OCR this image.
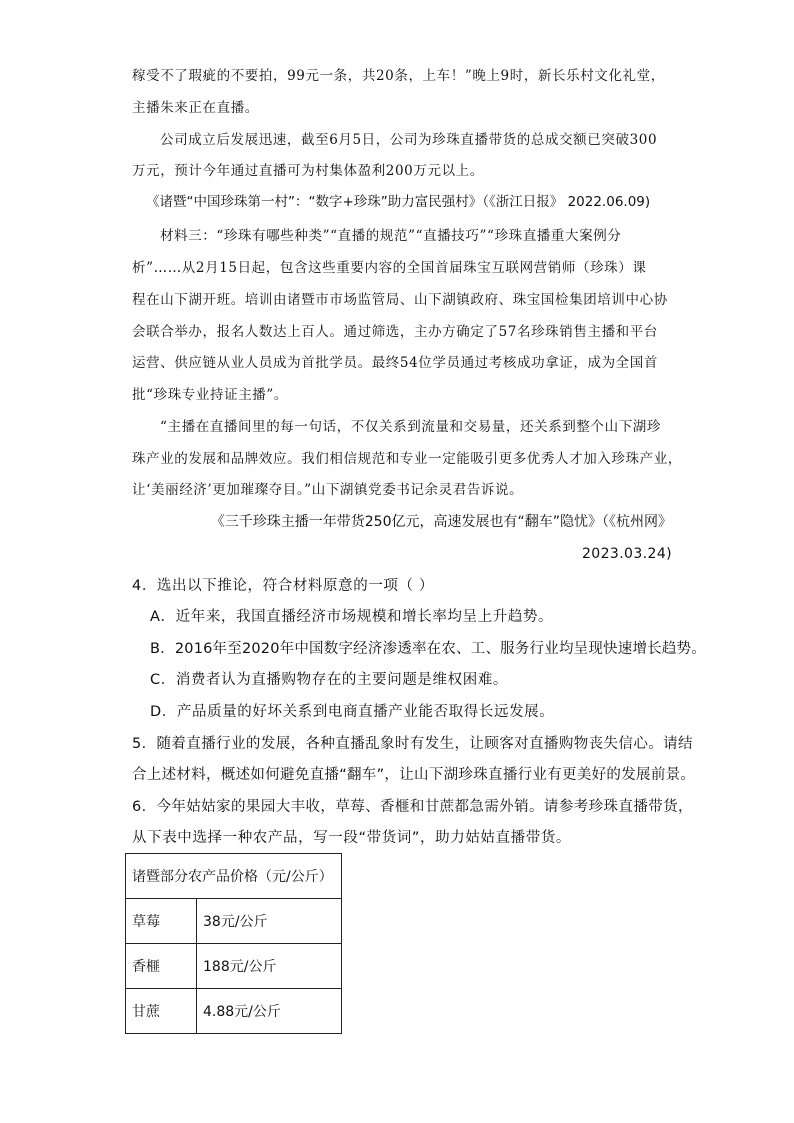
稼受不了瑕疵的不要拍，99元一条，共20条，上车！”晚上9时，新长乐村文化礼堂，
主播朱来正在直播。
公司成立后发展迅速，截至6月5日，公司为珍珠直播带货的总成交额已突破300
万元，预计今年通过直播可为村集体盈利200万元以上。
《诸暨“中国珍珠第一村”：“数字+珍珠”助力富民强村》（《浙江日报》 2022.06.09)
材料三：“珍珠有哪些种类”“直播的规范”“直播技巧”“珍珠直播重大案例分
析”……从2月15日起，包含这些重要内容的全国首届珠宝互联网营销师（珍珠）课
程在山下湖开班。培训由诸暨市市场监管局、山下湖镇政府、珠宝国检集团培训中心协
会联合举办，报名人数达上百人。通过筛选，主办方确定了57名珍珠销售主播和平台
运营、供应链从业人员成为首批学员。最终54位学员通过考核成功拿证，成为全国首
批“珍珠专业持证主播”。
“主播在直播间里的每一句话，不仅关系到流量和交易量，还关系到整个山下湖珍
珠产业的发展和品牌效应。我们相信规范和专业一定能吸引更多优秀人才加入珍珠产业，
让‘美丽经济’更加璀璨夺目。”山下湖镇党委书记余灵君告诉说。
《三千珍珠主播一年带货250亿元，高速发展也有“翻车”隐忧》（《杭州网》
2023.03.24)
4．选出以下推论，符合材料原意的一项（ ）
A．近年来，我国直播经济市场规模和增长率均呈上升趋势。
B．2016年至2020年中国数字经济渗透率在农、工、服务行业均呈现快速增长趋势。
C．消费者认为直播购物存在的主要问题是维权困难。
D．产品质量的好坏关系到电商直播产业能否取得长远发展。
5．随着直播行业的发展，各种直播乱象时有发生，让顾客对直播购物丧失信心。请结
合上述材料，概述如何避免直播“翻车”，让山下湖珍珠直播行业有更美好的发展前景。
6．今年姑姑家的果园大丰收，草莓、香榧和甘蔗都急需外销。请参考珍珠直播带货，
从下表中选择一种农产品，写一段“带货词”，助力姑姑直播带货。
诸暨部分农产品价格（元/公斤）	
草莓	38元/公斤
香榧	188元/公斤
甘蔗	4.88元/公斤
